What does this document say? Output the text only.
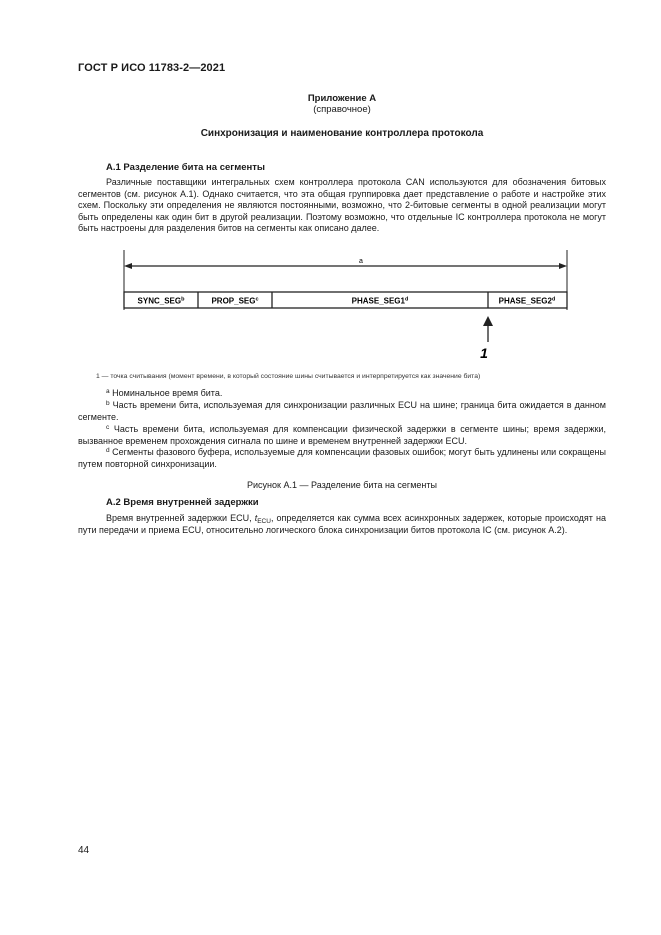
ГОСТ Р ИСО 11783-2—2021
Приложение А
(справочное)
Синхронизация и наименование контроллера протокола
А.1 Разделение бита на сегменты
Различные поставщики интегральных схем контроллера протокола CAN используются для обозначения битовых сегментов (см. рисунок А.1). Однако считается, что эта общая группировка дает представление о работе и настройке этих схем. Поскольку эти определения не являются постоянными, возможно, что 2-битовые сегменты в одной реализации могут быть определены как один бит в другой реализации. Поэтому возможно, что отдельные IC контроллера протокола не могут быть настроены для разделения битов на сегменты как описано далее.
a
SYNC_SEG$^b$	PROP_SEG$^c$	PHASE_SEG1$^d$	PHASE_SEG2$^d$
1
1 — точка считывания (момент времени, в который состояние шины считывается и интерпретируется как значение бита)
$^a$ Номинальное время бита.
$^b$ Часть времени бита, используемая для синхронизации различных ECU на шине; граница бита ожидается в данном сегменте.
$^c$ Часть времени бита, используемая для компенсации физической задержки в сегменте шины; время задержки, вызванное временем прохождения сигнала по шине и временем внутренней задержки ECU.
$^d$ Сегменты фазового буфера, используемые для компенсации фазовых ошибок; могут быть удлинены или сокращены путем повторной синхронизации.
Рисунок А.1 — Разделение бита на сегменты
А.2 Время внутренней задержки
Время внутренней задержки ECU, $t_{ECU}$, определяется как сумма всех асинхронных задержек, которые происходят на пути передачи и приема ECU, относительно логического блока синхронизации битов протокола IC (см. рисунок А.2).
44
